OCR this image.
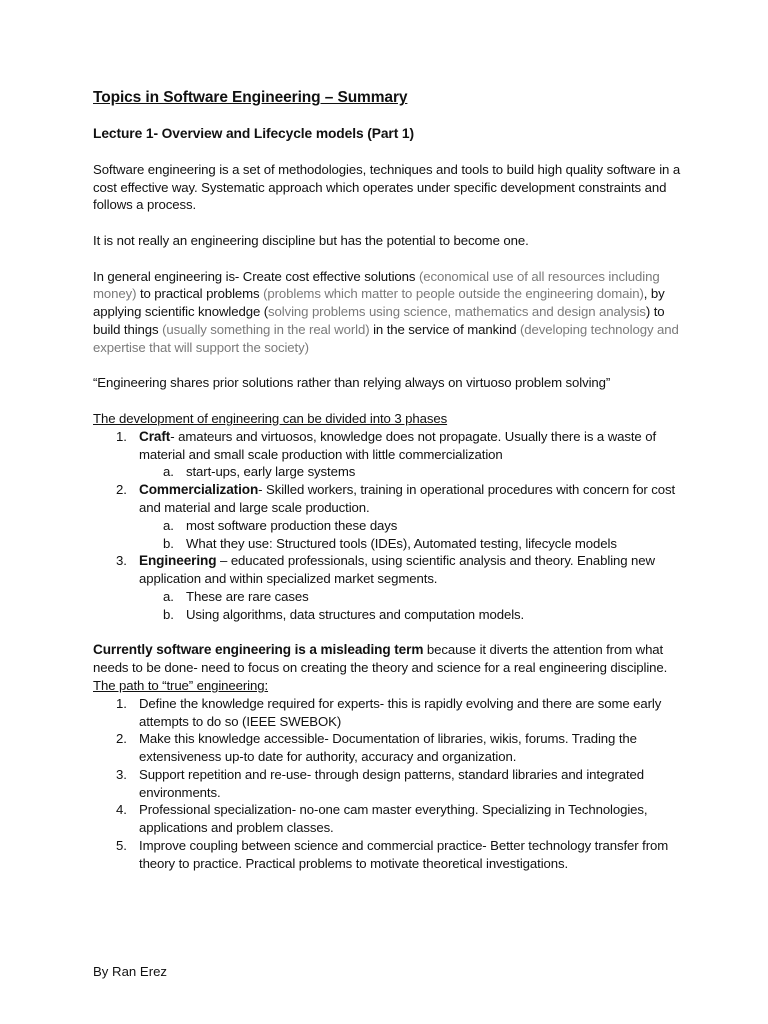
Topics in Software Engineering – Summary
Lecture 1- Overview and Lifecycle models (Part 1)

Software engineering is a set of methodologies, techniques and tools to build high quality software in a cost effective way. Systematic approach which operates under specific development constraints and follows a process.

It is not really an engineering discipline but has the potential to become one.

In general engineering is- Create cost effective solutions (economical use of all resources including money) to practical problems (problems which matter to people outside the engineering domain), by applying scientific knowledge (solving problems using science, mathematics and design analysis) to build things (usually something in the real world) in the service of mankind (developing technology and expertise that will support the society)

“Engineering shares prior solutions rather than relying always on virtuoso problem solving”

The development of engineering can be divided into 3 phases

1. Craft- amateurs and virtuosos, knowledge does not propagate. Usually there is a waste of material and small scale production with little commercialization
a. start-ups, early large systems
2. Commercialization- Skilled workers, training in operational procedures with concern for cost and material and large scale production.
a. most software production these days
b. What they use: Structured tools (IDEs), Automated testing, lifecycle models
3. Engineering – educated professionals, using scientific analysis and theory. Enabling new application and within specialized market segments.
a. These are rare cases
b. Using algorithms, data structures and computation models.

Currently software engineering is a misleading term because it diverts the attention from what needs to be done- need to focus on creating the theory and science for a real engineering discipline.

The path to “true” engineering:

1. Define the knowledge required for experts- this is rapidly evolving and there are some early attempts to do so (IEEE SWEBOK)
2. Make this knowledge accessible- Documentation of libraries, wikis, forums. Trading the extensiveness up-to date for authority, accuracy and organization.
3. Support repetition and re-use- through design patterns, standard libraries and integrated environments.
4. Professional specialization- no-one cam master everything. Specializing in Technologies, applications and problem classes.
5. Improve coupling between science and commercial practice- Better technology transfer from theory to practice. Practical problems to motivate theoretical investigations.
By Ran Erez
